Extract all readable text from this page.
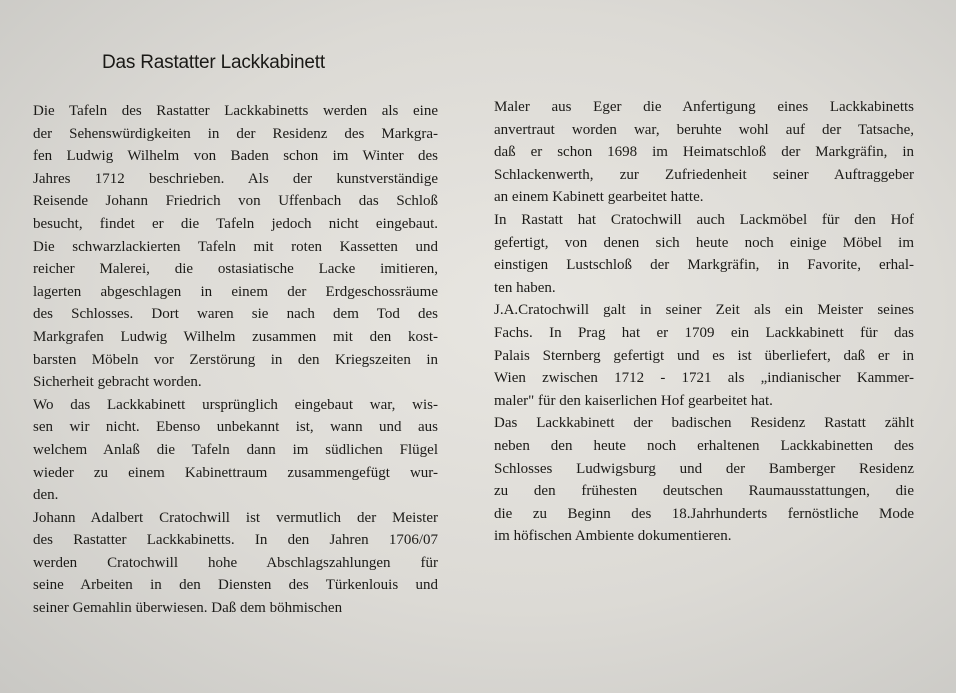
Das Rastatter Lackkabinett
Die Tafeln des Rastatter Lackkabinetts werden als eine
der Sehenswürdigkeiten in der Residenz des Markgra-
fen Ludwig Wilhelm von Baden schon im Winter des
Jahres 1712 beschrieben. Als der kunstverständige
Reisende Johann Friedrich von Uffenbach das Schloß
besucht, findet er die Tafeln jedoch nicht eingebaut.
Die schwarzlackierten Tafeln mit roten Kassetten und
reicher Malerei, die ostasiatische Lacke imitieren,
lagerten abgeschlagen in einem der Erdgeschossräume
des Schlosses. Dort waren sie nach dem Tod des
Markgrafen Ludwig Wilhelm zusammen mit den kost-
barsten Möbeln vor Zerstörung in den Kriegszeiten in
Sicherheit gebracht worden.
Wo das Lackkabinett ursprünglich eingebaut war, wis-
sen wir nicht. Ebenso unbekannt ist, wann und aus
welchem Anlaß die Tafeln dann im südlichen Flügel
wieder zu einem Kabinettraum zusammengefügt wur-
den.
Johann Adalbert Cratochwill ist vermutlich der Meister
des Rastatter Lackkabinetts. In den Jahren 1706/07
werden Cratochwill hohe Abschlagszahlungen für
seine Arbeiten in den Diensten des Türkenlouis und
seiner Gemahlin überwiesen. Daß dem böhmischen
Maler aus Eger die Anfertigung eines Lackkabinetts
anvertraut worden war, beruhte wohl auf der Tatsache,
daß er schon 1698 im Heimatschloß der Markgräfin, in
Schlackenwerth, zur Zufriedenheit seiner Auftraggeber
an einem Kabinett gearbeitet hatte.
In Rastatt hat Cratochwill auch Lackmöbel für den Hof
gefertigt, von denen sich heute noch einige Möbel im
einstigen Lustschloß der Markgräfin, in Favorite, erhal-
ten haben.
J.A.Cratochwill galt in seiner Zeit als ein Meister seines
Fachs. In Prag hat er 1709 ein Lackkabinett für das
Palais Sternberg gefertigt und es ist überliefert, daß er in
Wien zwischen 1712 - 1721 als „indianischer Kammer-
maler" für den kaiserlichen Hof gearbeitet hat.
Das Lackkabinett der badischen Residenz Rastatt zählt
neben den heute noch erhaltenen Lackkabinetten des
Schlosses Ludwigsburg und der Bamberger Residenz
zu den frühesten deutschen Raumausstattungen, die
die zu Beginn des 18.Jahrhunderts fernöstliche Mode
im höfischen Ambiente dokumentieren.
